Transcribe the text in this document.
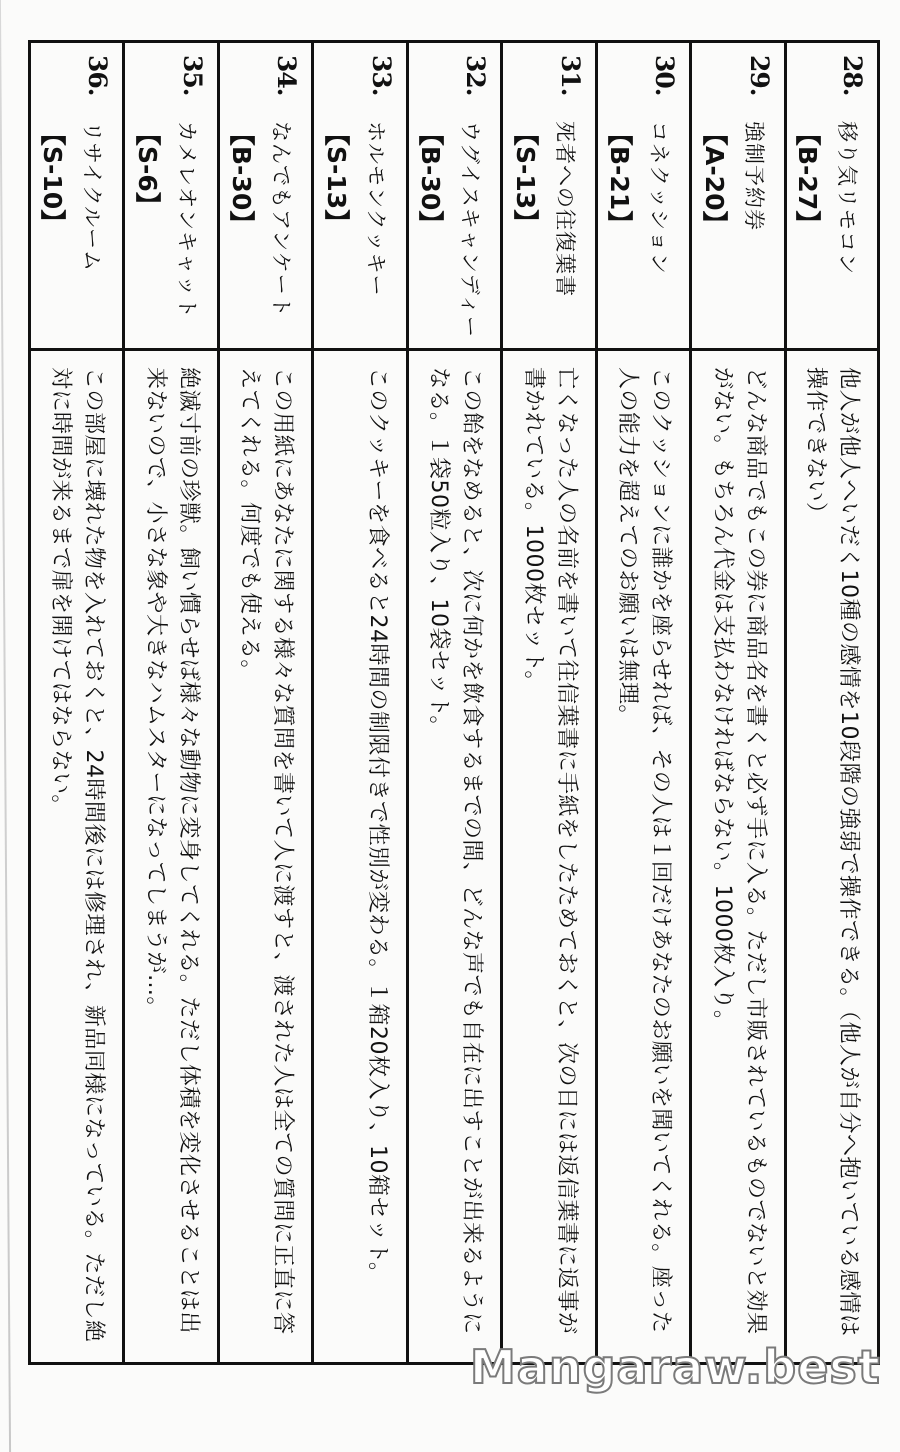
28.
移り気リモコン
【B-27】	他人が他人へいだく10種の感情を10段階の強弱で操作できる。（他人が自分へ抱いている感情は操作できない）

29.
強制予約券
【A-20】	どんな商品でもこの券に商品名を書くと必ず手に入る。ただし市販されているものでないと効果がない。もちろん代金は支払わなければならない。1000枚入り。

30.
コネクッション
【B-21】	このクッションに誰かを座らせれば、その人は１回だけあなたのお願いを聞いてくれる。座った人の能力を超えてのお願いは無理。

31.
死者への往復葉書
【S-13】	亡くなった人の名前を書いて往信葉書に手紙をしたためておくと、次の日には返信葉書に返事が書かれている。1000枚セット。

32.
ウグイスキャンディー
【B-30】	この飴をなめると、次に何かを飲食するまでの間、どんな声でも自在に出すことが出来るようになる。１袋50粒入り、10袋セット。

33.
ホルモンクッキー
【S-13】	このクッキーを食べると24時間の制限付きで性別が変わる。１箱20枚入り、10箱セット。

34.
なんでもアンケート
【B-30】	この用紙にあなたに関する様々な質問を書いて人に渡すと、渡された人は全ての質問に正直に答えてくれる。何度でも使える。

35.
カメレオンキャット
【S-6】	絶滅寸前の珍獣。飼い慣らせば様々な動物に変身してくれる。ただし体積を変化させることは出来ないので、小さな象や大きなハムスターになってしまうが…。

36.
リサイクルーム
【S-10】	この部屋に壊れた物を入れておくと、24時間後には修理され、新品同様になっている。ただし絶対に時間が来るまで扉を開けてはならない。
Mangaraw.best
